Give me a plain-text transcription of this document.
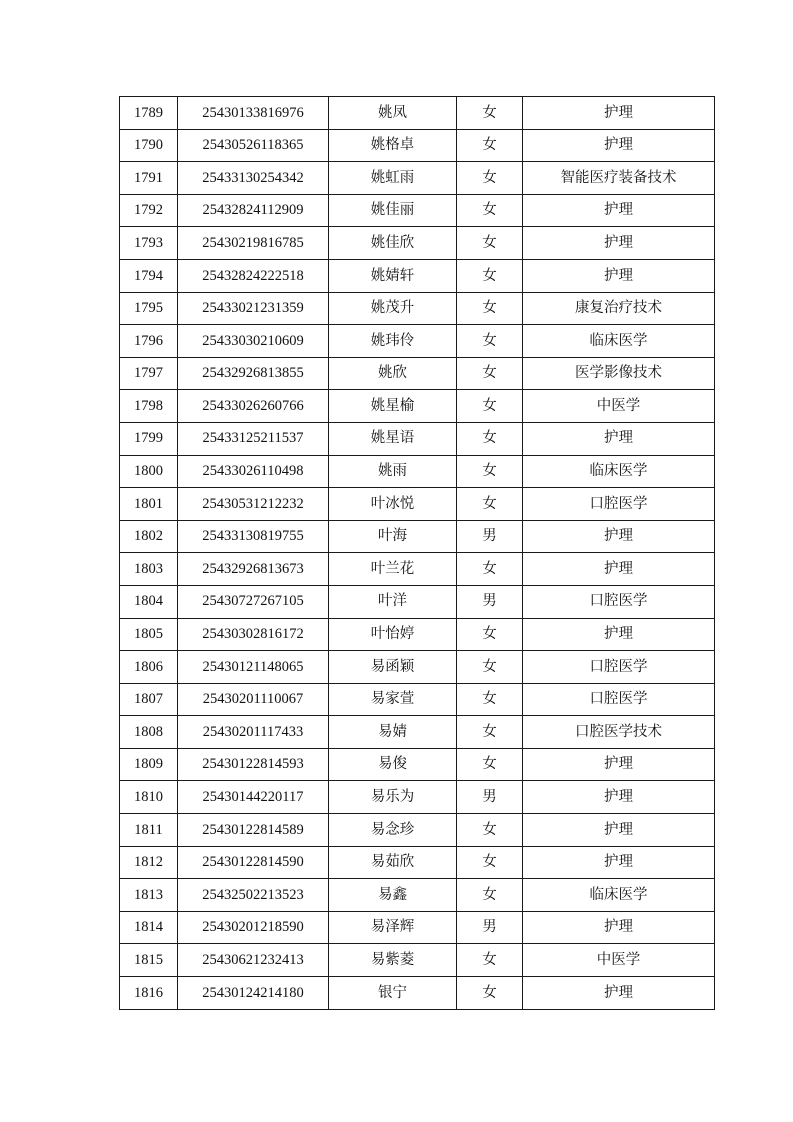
1789	25430133816976	姚凤	女	护理
1790	25430526118365	姚格卓	女	护理
1791	25433130254342	姚虹雨	女	智能医疗装备技术
1792	25432824112909	姚佳丽	女	护理
1793	25430219816785	姚佳欣	女	护理
1794	25432824222518	姚婧轩	女	护理
1795	25433021231359	姚茂升	女	康复治疗技术
1796	25433030210609	姚玮伶	女	临床医学
1797	25432926813855	姚欣	女	医学影像技术
1798	25433026260766	姚星榆	女	中医学
1799	25433125211537	姚星语	女	护理
1800	25433026110498	姚雨	女	临床医学
1801	25430531212232	叶冰悦	女	口腔医学
1802	25433130819755	叶海	男	护理
1803	25432926813673	叶兰花	女	护理
1804	25430727267105	叶洋	男	口腔医学
1805	25430302816172	叶怡婷	女	护理
1806	25430121148065	易函颖	女	口腔医学
1807	25430201110067	易家萱	女	口腔医学
1808	25430201117433	易婧	女	口腔医学技术
1809	25430122814593	易俊	女	护理
1810	25430144220117	易乐为	男	护理
1811	25430122814589	易念珍	女	护理
1812	25430122814590	易茹欣	女	护理
1813	25432502213523	易鑫	女	临床医学
1814	25430201218590	易泽辉	男	护理
1815	25430621232413	易紫菱	女	中医学
1816	25430124214180	银宁	女	护理
